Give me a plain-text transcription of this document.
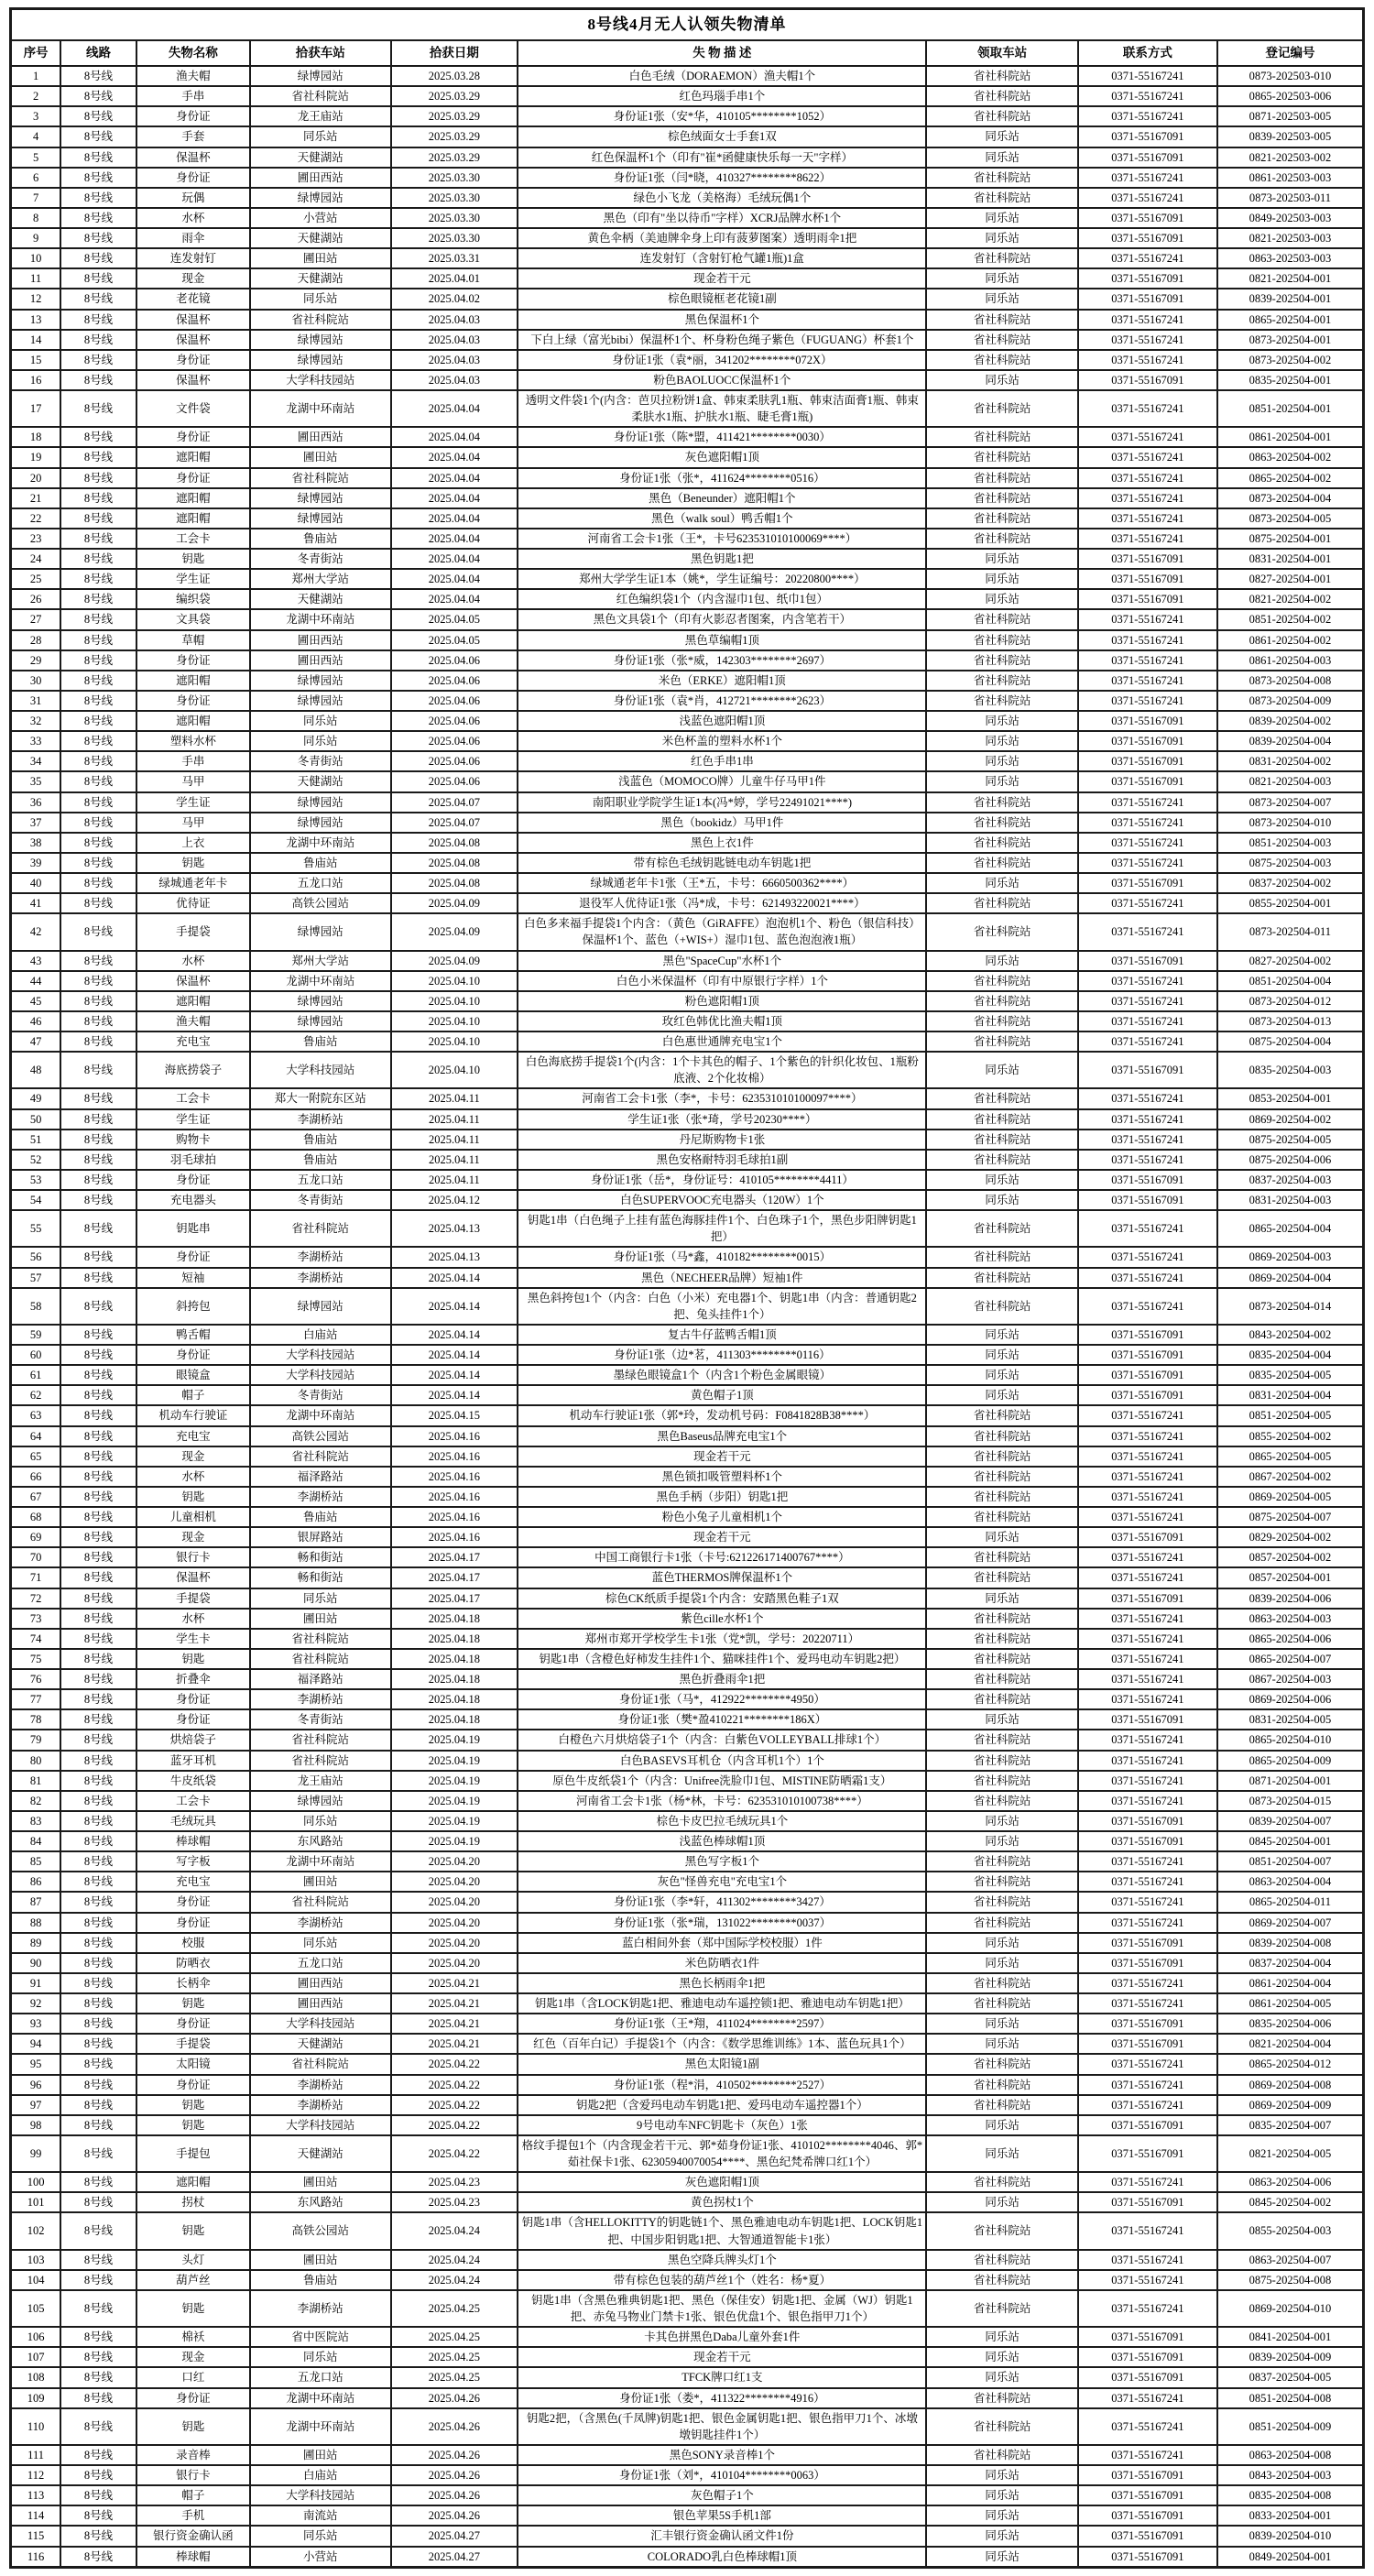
8号线4月无人认领失物清单								
序号	线路	失物名称	拾获车站	拾获日期	失 物 描 述	领取车站	联系方式	登记编号
1	8号线	渔夫帽	绿博园站	2025.03.28	白色毛绒（DORAEMON）渔夫帽1个	省社科院站	0371-55167241	0873-202503-010
2	8号线	手串	省社科院站	2025.03.29	红色玛瑙手串1个	省社科院站	0371-55167241	0865-202503-006
3	8号线	身份证	龙王庙站	2025.03.29	身份证1张（安*华，410105********1052）	省社科院站	0371-55167241	0871-202503-005
4	8号线	手套	同乐站	2025.03.29	棕色绒面女士手套1双	同乐站	0371-55167091	0839-202503-005
5	8号线	保温杯	天健湖站	2025.03.29	红色保温杯1个（印有"崔*函健康快乐每一天"字样）	同乐站	0371-55167091	0821-202503-002
6	8号线	身份证	圃田西站	2025.03.30	身份证1张（闫*晓，410327********8622）	省社科院站	0371-55167241	0861-202503-003
7	8号线	玩偶	绿博园站	2025.03.30	绿色小飞龙（美格海）毛绒玩偶1个	省社科院站	0371-55167241	0873-202503-011
8	8号线	水杯	小营站	2025.03.30	黑色（印有"坐以待币"字样）XCRJ品牌水杯1个	同乐站	0371-55167091	0849-202503-003
9	8号线	雨伞	天健湖站	2025.03.30	黄色伞柄（美迪牌伞身上印有菠萝图案）透明雨伞1把	同乐站	0371-55167091	0821-202503-003
10	8号线	连发射钉	圃田站	2025.03.31	连发射钉（含射钉枪气罐1瓶)1盒	省社科院站	0371-55167241	0863-202503-003
11	8号线	现金	天健湖站	2025.04.01	现金若干元	同乐站	0371-55167091	0821-202504-001
12	8号线	老花镜	同乐站	2025.04.02	棕色眼镜框老花镜1副	同乐站	0371-55167091	0839-202504-001
13	8号线	保温杯	省社科院站	2025.04.03	黑色保温杯1个	省社科院站	0371-55167241	0865-202504-001
14	8号线	保温杯	绿博园站	2025.04.03	下白上绿（富光bibi）保温杯1个、杯身粉色绳子紫色（FUGUANG）杯套1个	省社科院站	0371-55167241	0873-202504-001
15	8号线	身份证	绿博园站	2025.04.03	身份证1张（袁*丽，341202********072X）	省社科院站	0371-55167241	0873-202504-002
16	8号线	保温杯	大学科技园站	2025.04.03	粉色BAOLUOCC保温杯1个	同乐站	0371-55167091	0835-202504-001
17	8号线	文件袋	龙湖中环南站	2025.04.04	透明文件袋1个(内含：芭贝拉粉饼1盒、韩束柔肤乳1瓶、韩束洁面膏1瓶、韩束柔肤水1瓶、护肤水1瓶、睫毛膏1瓶)	省社科院站	0371-55167241	0851-202504-001
18	8号线	身份证	圃田西站	2025.04.04	身份证1张（陈*盟，411421********0030）	省社科院站	0371-55167241	0861-202504-001
19	8号线	遮阳帽	圃田站	2025.04.04	灰色遮阳帽1顶	省社科院站	0371-55167241	0863-202504-002
20	8号线	身份证	省社科院站	2025.04.04	身份证1张（张*，411624********0516）	省社科院站	0371-55167241	0865-202504-002
21	8号线	遮阳帽	绿博园站	2025.04.04	黑色（Beneunder）遮阳帽1个	省社科院站	0371-55167241	0873-202504-004
22	8号线	遮阳帽	绿博园站	2025.04.04	黑色（walk soul）鸭舌帽1个	省社科院站	0371-55167241	0873-202504-005
23	8号线	工会卡	鲁庙站	2025.04.04	河南省工会卡1张（王*，卡号623531010100069****）	省社科院站	0371-55167241	0875-202504-001
24	8号线	钥匙	冬青街站	2025.04.04	黑色钥匙1把	同乐站	0371-55167091	0831-202504-001
25	8号线	学生证	郑州大学站	2025.04.04	郑州大学学生证1本（姚*，学生证编号：20220800****）	同乐站	0371-55167091	0827-202504-001
26	8号线	编织袋	天健湖站	2025.04.04	红色编织袋1个（内含湿巾1包、纸巾1包）	同乐站	0371-55167091	0821-202504-002
27	8号线	文具袋	龙湖中环南站	2025.04.05	黑色文具袋1个（印有火影忍者图案，内含笔若干）	省社科院站	0371-55167241	0851-202504-002
28	8号线	草帽	圃田西站	2025.04.05	黑色草编帽1顶	省社科院站	0371-55167241	0861-202504-002
29	8号线	身份证	圃田西站	2025.04.06	身份证1张（张*威，142303********2697）	省社科院站	0371-55167241	0861-202504-003
30	8号线	遮阳帽	绿博园站	2025.04.06	米色（ERKE）遮阳帽1顶	省社科院站	0371-55167241	0873-202504-008
31	8号线	身份证	绿博园站	2025.04.06	身份证1张（袁*肖，412721********2623）	省社科院站	0371-55167241	0873-202504-009
32	8号线	遮阳帽	同乐站	2025.04.06	浅蓝色遮阳帽1顶	同乐站	0371-55167091	0839-202504-002
33	8号线	塑料水杯	同乐站	2025.04.06	米色杯盖的塑料水杯1个	同乐站	0371-55167091	0839-202504-004
34	8号线	手串	冬青街站	2025.04.06	红色手串1串	同乐站	0371-55167091	0831-202504-002
35	8号线	马甲	天健湖站	2025.04.06	浅蓝色（MOMOCO牌）儿童牛仔马甲1件	同乐站	0371-55167091	0821-202504-003
36	8号线	学生证	绿博园站	2025.04.07	南阳职业学院学生证1本(冯*婷，学号22491021****)	省社科院站	0371-55167241	0873-202504-007
37	8号线	马甲	绿博园站	2025.04.07	黑色（bookidz）马甲1件	省社科院站	0371-55167241	0873-202504-010
38	8号线	上衣	龙湖中环南站	2025.04.08	黑色上衣1件	省社科院站	0371-55167241	0851-202504-003
39	8号线	钥匙	鲁庙站	2025.04.08	带有棕色毛绒钥匙链电动车钥匙1把	省社科院站	0371-55167241	0875-202504-003
40	8号线	绿城通老年卡	五龙口站	2025.04.08	绿城通老年卡1张（王*五，卡号：6660500362****）	同乐站	0371-55167091	0837-202504-002
41	8号线	优待证	高铁公园站	2025.04.09	退役军人优待证1张（冯*成，卡号：621493220021****）	省社科院站	0371-55167241	0855-202504-001
42	8号线	手提袋	绿博园站	2025.04.09	白色多来福手提袋1个内含：（黄色（GiRAFFE）泡泡机1个、粉色（银信科技）保温杯1个、蓝色（+WIS+）湿巾1包、蓝色泡泡液1瓶）	省社科院站	0371-55167241	0873-202504-011
43	8号线	水杯	郑州大学站	2025.04.09	黑色"SpaceCup"水杯1个	同乐站	0371-55167091	0827-202504-002
44	8号线	保温杯	龙湖中环南站	2025.04.10	白色小米保温杯（印有中原银行字样）1个	省社科院站	0371-55167241	0851-202504-004
45	8号线	遮阳帽	绿博园站	2025.04.10	粉色遮阳帽1顶	省社科院站	0371-55167241	0873-202504-012
46	8号线	渔夫帽	绿博园站	2025.04.10	玫红色韩优比渔夫帽1顶	省社科院站	0371-55167241	0873-202504-013
47	8号线	充电宝	鲁庙站	2025.04.10	白色惠世通牌充电宝1个	省社科院站	0371-55167241	0875-202504-004
48	8号线	海底捞袋子	大学科技园站	2025.04.10	白色海底捞手提袋1个(内含：1个卡其色的帽子、1个紫色的针织化妆包、1瓶粉底液、2个化妆棉）	同乐站	0371-55167091	0835-202504-003
49	8号线	工会卡	郑大一附院东区站	2025.04.11	河南省工会卡1张（李*，卡号：623531010100097****）	省社科院站	0371-55167241	0853-202504-001
50	8号线	学生证	李湖桥站	2025.04.11	学生证1张（张*琦，学号20230****）	省社科院站	0371-55167241	0869-202504-002
51	8号线	购物卡	鲁庙站	2025.04.11	丹尼斯购物卡1张	省社科院站	0371-55167241	0875-202504-005
52	8号线	羽毛球拍	鲁庙站	2025.04.11	黑色安格耐特羽毛球拍1副	省社科院站	0371-55167241	0875-202504-006
53	8号线	身份证	五龙口站	2025.04.11	身份证1张（岳*，身份证号：410105********4411）	同乐站	0371-55167091	0837-202504-003
54	8号线	充电器头	冬青街站	2025.04.12	白色SUPERVOOC充电器头（120W）1个	同乐站	0371-55167091	0831-202504-003
55	8号线	钥匙串	省社科院站	2025.04.13	钥匙1串（白色绳子上挂有蓝色海豚挂件1个、白色珠子1个，黑色步阳牌钥匙1把）	省社科院站	0371-55167241	0865-202504-004
56	8号线	身份证	李湖桥站	2025.04.13	身份证1张（马*鑫，410182********0015）	省社科院站	0371-55167241	0869-202504-003
57	8号线	短袖	李湖桥站	2025.04.14	黑色（NECHEER品牌）短袖1件	省社科院站	0371-55167241	0869-202504-004
58	8号线	斜挎包	绿博园站	2025.04.14	黑色斜挎包1个（内含：白色（小米）充电器1个、钥匙1串（内含：普通钥匙2把、兔头挂件1个）	省社科院站	0371-55167241	0873-202504-014
59	8号线	鸭舌帽	白庙站	2025.04.14	复古牛仔蓝鸭舌帽1顶	同乐站	0371-55167091	0843-202504-002
60	8号线	身份证	大学科技园站	2025.04.14	身份证1张（边*茗，411303********0116）	同乐站	0371-55167091	0835-202504-004
61	8号线	眼镜盒	大学科技园站	2025.04.14	墨绿色眼镜盒1个（内含1个粉色金属眼镜）	同乐站	0371-55167091	0835-202504-005
62	8号线	帽子	冬青街站	2025.04.14	黄色帽子1顶	同乐站	0371-55167091	0831-202504-004
63	8号线	机动车行驶证	龙湖中环南站	2025.04.15	机动车行驶证1张（郭*玲，发动机号码：F0841828B38****）	省社科院站	0371-55167241	0851-202504-005
64	8号线	充电宝	高铁公园站	2025.04.16	黑色Baseus品牌充电宝1个	省社科院站	0371-55167241	0855-202504-002
65	8号线	现金	省社科院站	2025.04.16	现金若干元	省社科院站	0371-55167241	0865-202504-005
66	8号线	水杯	福泽路站	2025.04.16	黑色锁扣吸管塑料杯1个	省社科院站	0371-55167241	0867-202504-002
67	8号线	钥匙	李湖桥站	2025.04.16	黑色手柄（步阳）钥匙1把	省社科院站	0371-55167241	0869-202504-005
68	8号线	儿童相机	鲁庙站	2025.04.16	粉色小兔子儿童相机1个	省社科院站	0371-55167241	0875-202504-007
69	8号线	现金	银屏路站	2025.04.16	现金若干元	同乐站	0371-55167091	0829-202504-002
70	8号线	银行卡	畅和街站	2025.04.17	中国工商银行卡1张（卡号:621226171400767****）	省社科院站	0371-55167241	0857-202504-002
71	8号线	保温杯	畅和街站	2025.04.17	蓝色THERMOS牌保温杯1个	省社科院站	0371-55167241	0857-202504-001
72	8号线	手提袋	同乐站	2025.04.17	棕色CK纸质手提袋1个内含：安踏黑色鞋子1双	同乐站	0371-55167091	0839-202504-006
73	8号线	水杯	圃田站	2025.04.18	紫色cille水杯1个	省社科院站	0371-55167241	0863-202504-003
74	8号线	学生卡	省社科院站	2025.04.18	郑州市郑开学校学生卡1张（党*凯，学号：20220711）	省社科院站	0371-55167241	0865-202504-006
75	8号线	钥匙	省社科院站	2025.04.18	钥匙1串（含橙色好柿发生挂件1个、猫咪挂件1个、爱玛电动车钥匙2把）	省社科院站	0371-55167241	0865-202504-007
76	8号线	折叠伞	福泽路站	2025.04.18	黑色折叠雨伞1把	省社科院站	0371-55167241	0867-202504-003
77	8号线	身份证	李湖桥站	2025.04.18	身份证1张（马*，412922********4950）	省社科院站	0371-55167241	0869-202504-006
78	8号线	身份证	冬青街站	2025.04.18	身份证1张（樊*盈410221********186X）	同乐站	0371-55167091	0831-202504-005
79	8号线	烘焙袋子	省社科院站	2025.04.19	白橙色六月烘焙袋子1个（内含：白紫色VOLLEYBALL排球1个）	省社科院站	0371-55167241	0865-202504-010
80	8号线	蓝牙耳机	省社科院站	2025.04.19	白色BASEVS耳机仓（内含耳机1个）1个	省社科院站	0371-55167241	0865-202504-009
81	8号线	牛皮纸袋	龙王庙站	2025.04.19	原色牛皮纸袋1个（内含：Unifree洗脸巾1包、MISTINE防晒霜1支）	省社科院站	0371-55167241	0871-202504-001
82	8号线	工会卡	绿博园站	2025.04.19	河南省工会卡1张（杨*林，卡号：623531010100738****）	省社科院站	0371-55167241	0873-202504-015
83	8号线	毛绒玩具	同乐站	2025.04.19	棕色卡皮巴拉毛绒玩具1个	同乐站	0371-55167091	0839-202504-007
84	8号线	棒球帽	东风路站	2025.04.19	浅蓝色棒球帽1顶	同乐站	0371-55167091	0845-202504-001
85	8号线	写字板	龙湖中环南站	2025.04.20	黑色写字板1个	省社科院站	0371-55167241	0851-202504-007
86	8号线	充电宝	圃田站	2025.04.20	灰色"怪兽充电"充电宝1个	省社科院站	0371-55167241	0863-202504-004
87	8号线	身份证	省社科院站	2025.04.20	身份证1张（李*轩，411302********3427）	省社科院站	0371-55167241	0865-202504-011
88	8号线	身份证	李湖桥站	2025.04.20	身份证1张（张*瑞，131022********0037）	省社科院站	0371-55167241	0869-202504-007
89	8号线	校服	同乐站	2025.04.20	蓝白相间外套（郑中国际学校校服）1件	同乐站	0371-55167091	0839-202504-008
90	8号线	防晒衣	五龙口站	2025.04.20	米色防晒衣1件	同乐站	0371-55167091	0837-202504-004
91	8号线	长柄伞	圃田西站	2025.04.21	黑色长柄雨伞1把	省社科院站	0371-55167241	0861-202504-004
92	8号线	钥匙	圃田西站	2025.04.21	钥匙1串（含LOCK钥匙1把、雅迪电动车遥控锁1把、雅迪电动车钥匙1把）	省社科院站	0371-55167241	0861-202504-005
93	8号线	身份证	大学科技园站	2025.04.21	身份证1张（王*翔，411024********2597）	同乐站	0371-55167091	0835-202504-006
94	8号线	手提袋	天健湖站	2025.04.21	红色（百年白记）手提袋1个（内含：《数学思维训练》1本、蓝色玩具1个）	同乐站	0371-55167091	0821-202504-004
95	8号线	太阳镜	省社科院站	2025.04.22	黑色太阳镜1副	省社科院站	0371-55167241	0865-202504-012
96	8号线	身份证	李湖桥站	2025.04.22	身份证1张（程*涓，410502********2527）	省社科院站	0371-55167241	0869-202504-008
97	8号线	钥匙	李湖桥站	2025.04.22	钥匙2把（含爱玛电动车钥匙1把、爱玛电动车遥控器1个）	省社科院站	0371-55167241	0869-202504-009
98	8号线	钥匙	大学科技园站	2025.04.22	9号电动车NFC钥匙卡（灰色）1张	同乐站	0371-55167091	0835-202504-007
99	8号线	手提包	天健湖站	2025.04.22	格纹手提包1个（内含现金若干元、郭*茹身份证1张、410102********4046、郭*茹社保卡1张、62305940070054****、黑色纪梵希牌口红1个）	同乐站	0371-55167091	0821-202504-005
100	8号线	遮阳帽	圃田站	2025.04.23	灰色遮阳帽1顶	省社科院站	0371-55167241	0863-202504-006
101	8号线	拐杖	东风路站	2025.04.23	黄色拐杖1个	同乐站	0371-55167091	0845-202504-002
102	8号线	钥匙	高铁公园站	2025.04.24	钥匙1串（含HELLOKITTY的钥匙链1个、黑色雅迪电动车钥匙1把、LOCK钥匙1把、中国步阳钥匙1把、大智通道智能卡1张）	省社科院站	0371-55167241	0855-202504-003
103	8号线	头灯	圃田站	2025.04.24	黑色空降兵牌头灯1个	省社科院站	0371-55167241	0863-202504-007
104	8号线	葫芦丝	鲁庙站	2025.04.24	带有棕色包装的葫芦丝1个（姓名：杨*夏）	省社科院站	0371-55167241	0875-202504-008
105	8号线	钥匙	李湖桥站	2025.04.25	钥匙1串（含黑色雅典钥匙1把、黑色（保佳安）钥匙1把、金属（WJ）钥匙1把、赤兔马物业门禁卡1张、银色优盘1个、银色指甲刀1个）	省社科院站	0371-55167241	0869-202504-010
106	8号线	棉袄	省中医院站	2025.04.25	卡其色拼黑色Daba儿童外套1件	同乐站	0371-55167091	0841-202504-001
107	8号线	现金	同乐站	2025.04.25	现金若干元	同乐站	0371-55167091	0839-202504-009
108	8号线	口红	五龙口站	2025.04.25	TFCK牌口红1支	同乐站	0371-55167091	0837-202504-005
109	8号线	身份证	龙湖中环南站	2025.04.26	身份证1张（娄*，411322********4916）	省社科院站	0371-55167241	0851-202504-008
110	8号线	钥匙	龙湖中环南站	2025.04.26	钥匙2把，（含黑色(千凤牌)钥匙1把、银色金属钥匙1把、银色指甲刀1个、冰墩墩钥匙挂件1个）	省社科院站	0371-55167241	0851-202504-009
111	8号线	录音棒	圃田站	2025.04.26	黑色SONY录音棒1个	省社科院站	0371-55167241	0863-202504-008
112	8号线	银行卡	白庙站	2025.04.26	身份证1张（刘*，410104********0063）	同乐站	0371-55167091	0843-202504-003
113	8号线	帽子	大学科技园站	2025.04.26	灰色帽子1个	同乐站	0371-55167091	0835-202504-008
114	8号线	手机	南流站	2025.04.26	银色苹果5S手机1部	同乐站	0371-55167091	0833-202504-001
115	8号线	银行资金确认函	同乐站	2025.04.27	汇丰银行资金确认函文件1份	同乐站	0371-55167091	0839-202504-010
116	8号线	棒球帽	小营站	2025.04.27	COLORADO乳白色棒球帽1顶	同乐站	0371-55167091	0849-202504-001
